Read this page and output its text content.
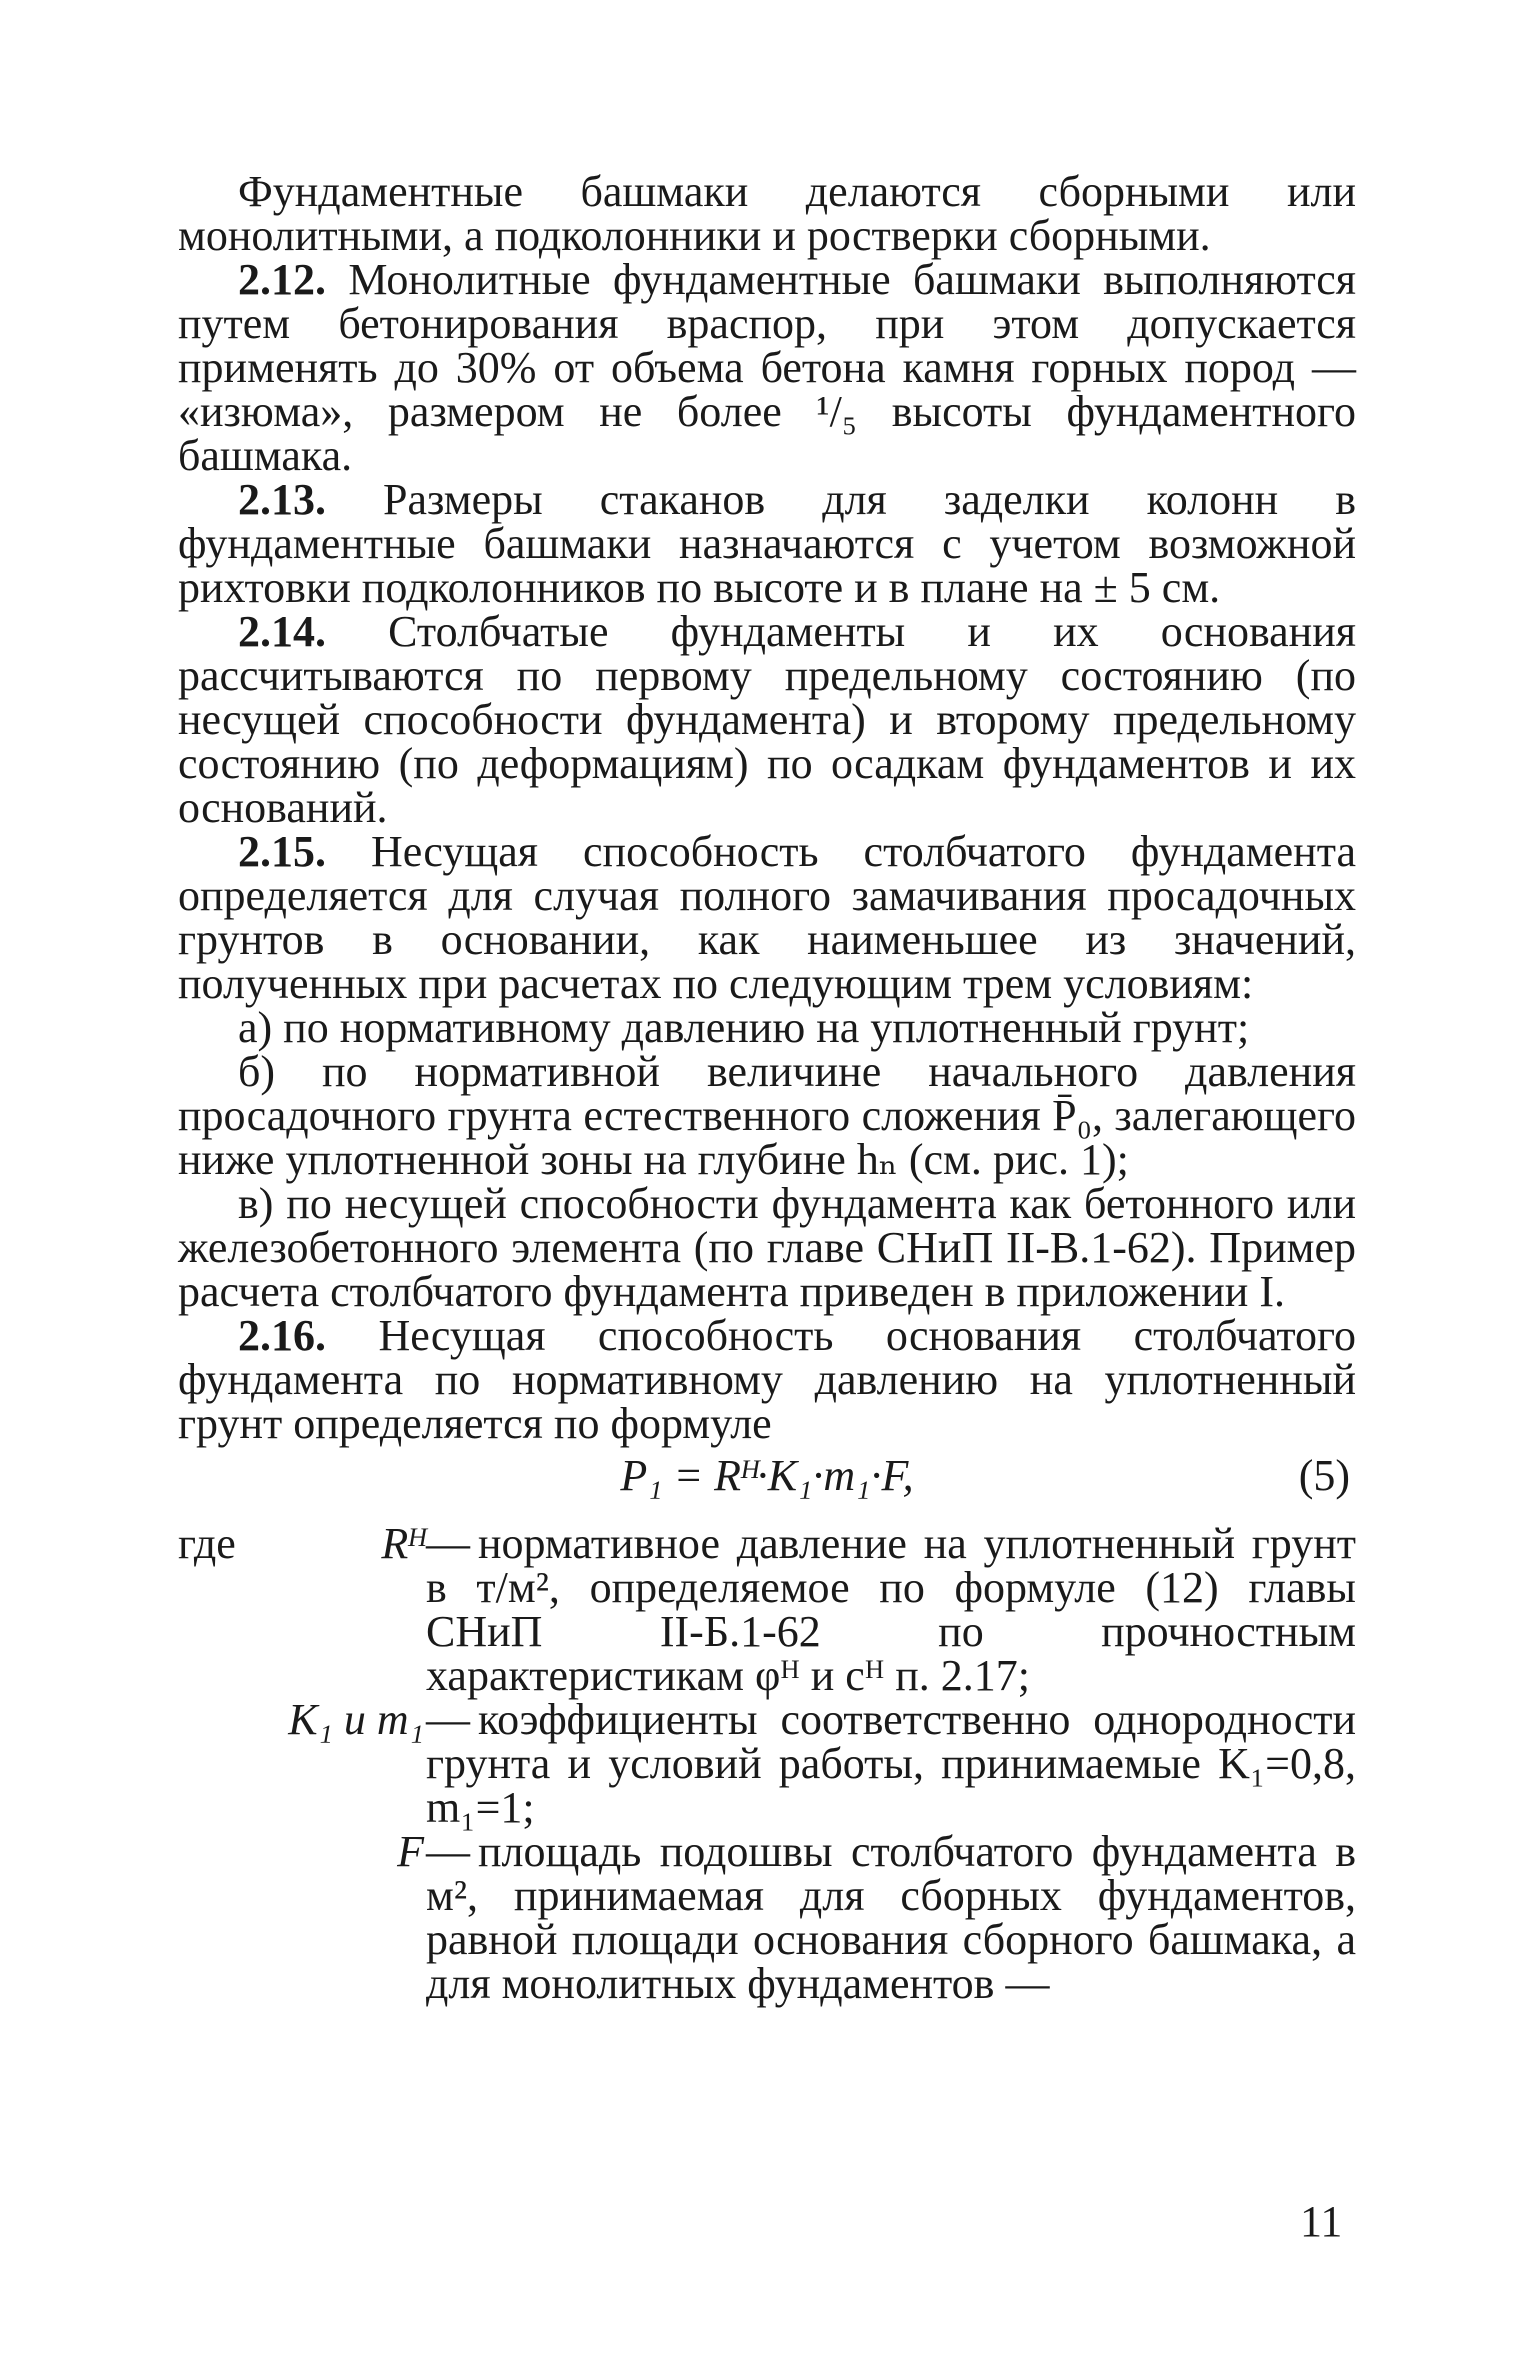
Фундаментные башмаки делаются сборными или монолитными, а подколонники и ростверки сборными.

2.12. Монолитные фундаментные башмаки выполняются путем бетонирования враспор, при этом допускается применять до 30% от объема бетона камня горных пород — «изюма», размером не более ¹/₅ высоты фундаментного башмака.

2.13. Размеры стаканов для заделки колонн в фундаментные башмаки назначаются с учетом возможной рихтовки подколонников по высоте и в плане на ± 5 см.

2.14. Столбчатые фундаменты и их основания рассчитываются по первому предельному состоянию (по несущей способности фундамента) и второму предельному состоянию (по деформациям) по осадкам фундаментов и их оснований.

2.15. Несущая способность столбчатого фундамента определяется для случая полного замачивания просадочных грунтов в основании, как наименьшее из значений, полученных при расчетах по следующим трем условиям:

а) по нормативному давлению на уплотненный грунт;

б) по нормативной величине начального давления просадочного грунта естественного сложения P̄₀, залегающего ниже уплотненной зоны на глубине hₙ (см. рис. 1);

в) по несущей способности фундамента как бетонного или железобетонного элемента (по главе СНиП II-В.1-62). Пример расчета столбчатого фундамента приведен в приложении I.

2.16. Несущая способность основания столбчатого фундамента по нормативному давлению на уплотненный грунт определяется по формуле

P₁ = Rᴴ·K₁·m₁·F,	(5)
где	Rᴴ — нормативное давление на уплотненный грунт в т/м², определяемое по формуле (12) главы СНиП II-Б.1-62 по прочностным характеристикам φᴴ и cᴴ п. 2.17;
K₁ и m₁ — коэффициенты соответственно однородности грунта и условий работы, принимаемые K₁=0,8, m₁=1;
F — площадь подошвы столбчатого фундамента в м², принимаемая для сборных фундаментов, равной площади основания сборного башмака, а для монолитных фундаментов —
11
